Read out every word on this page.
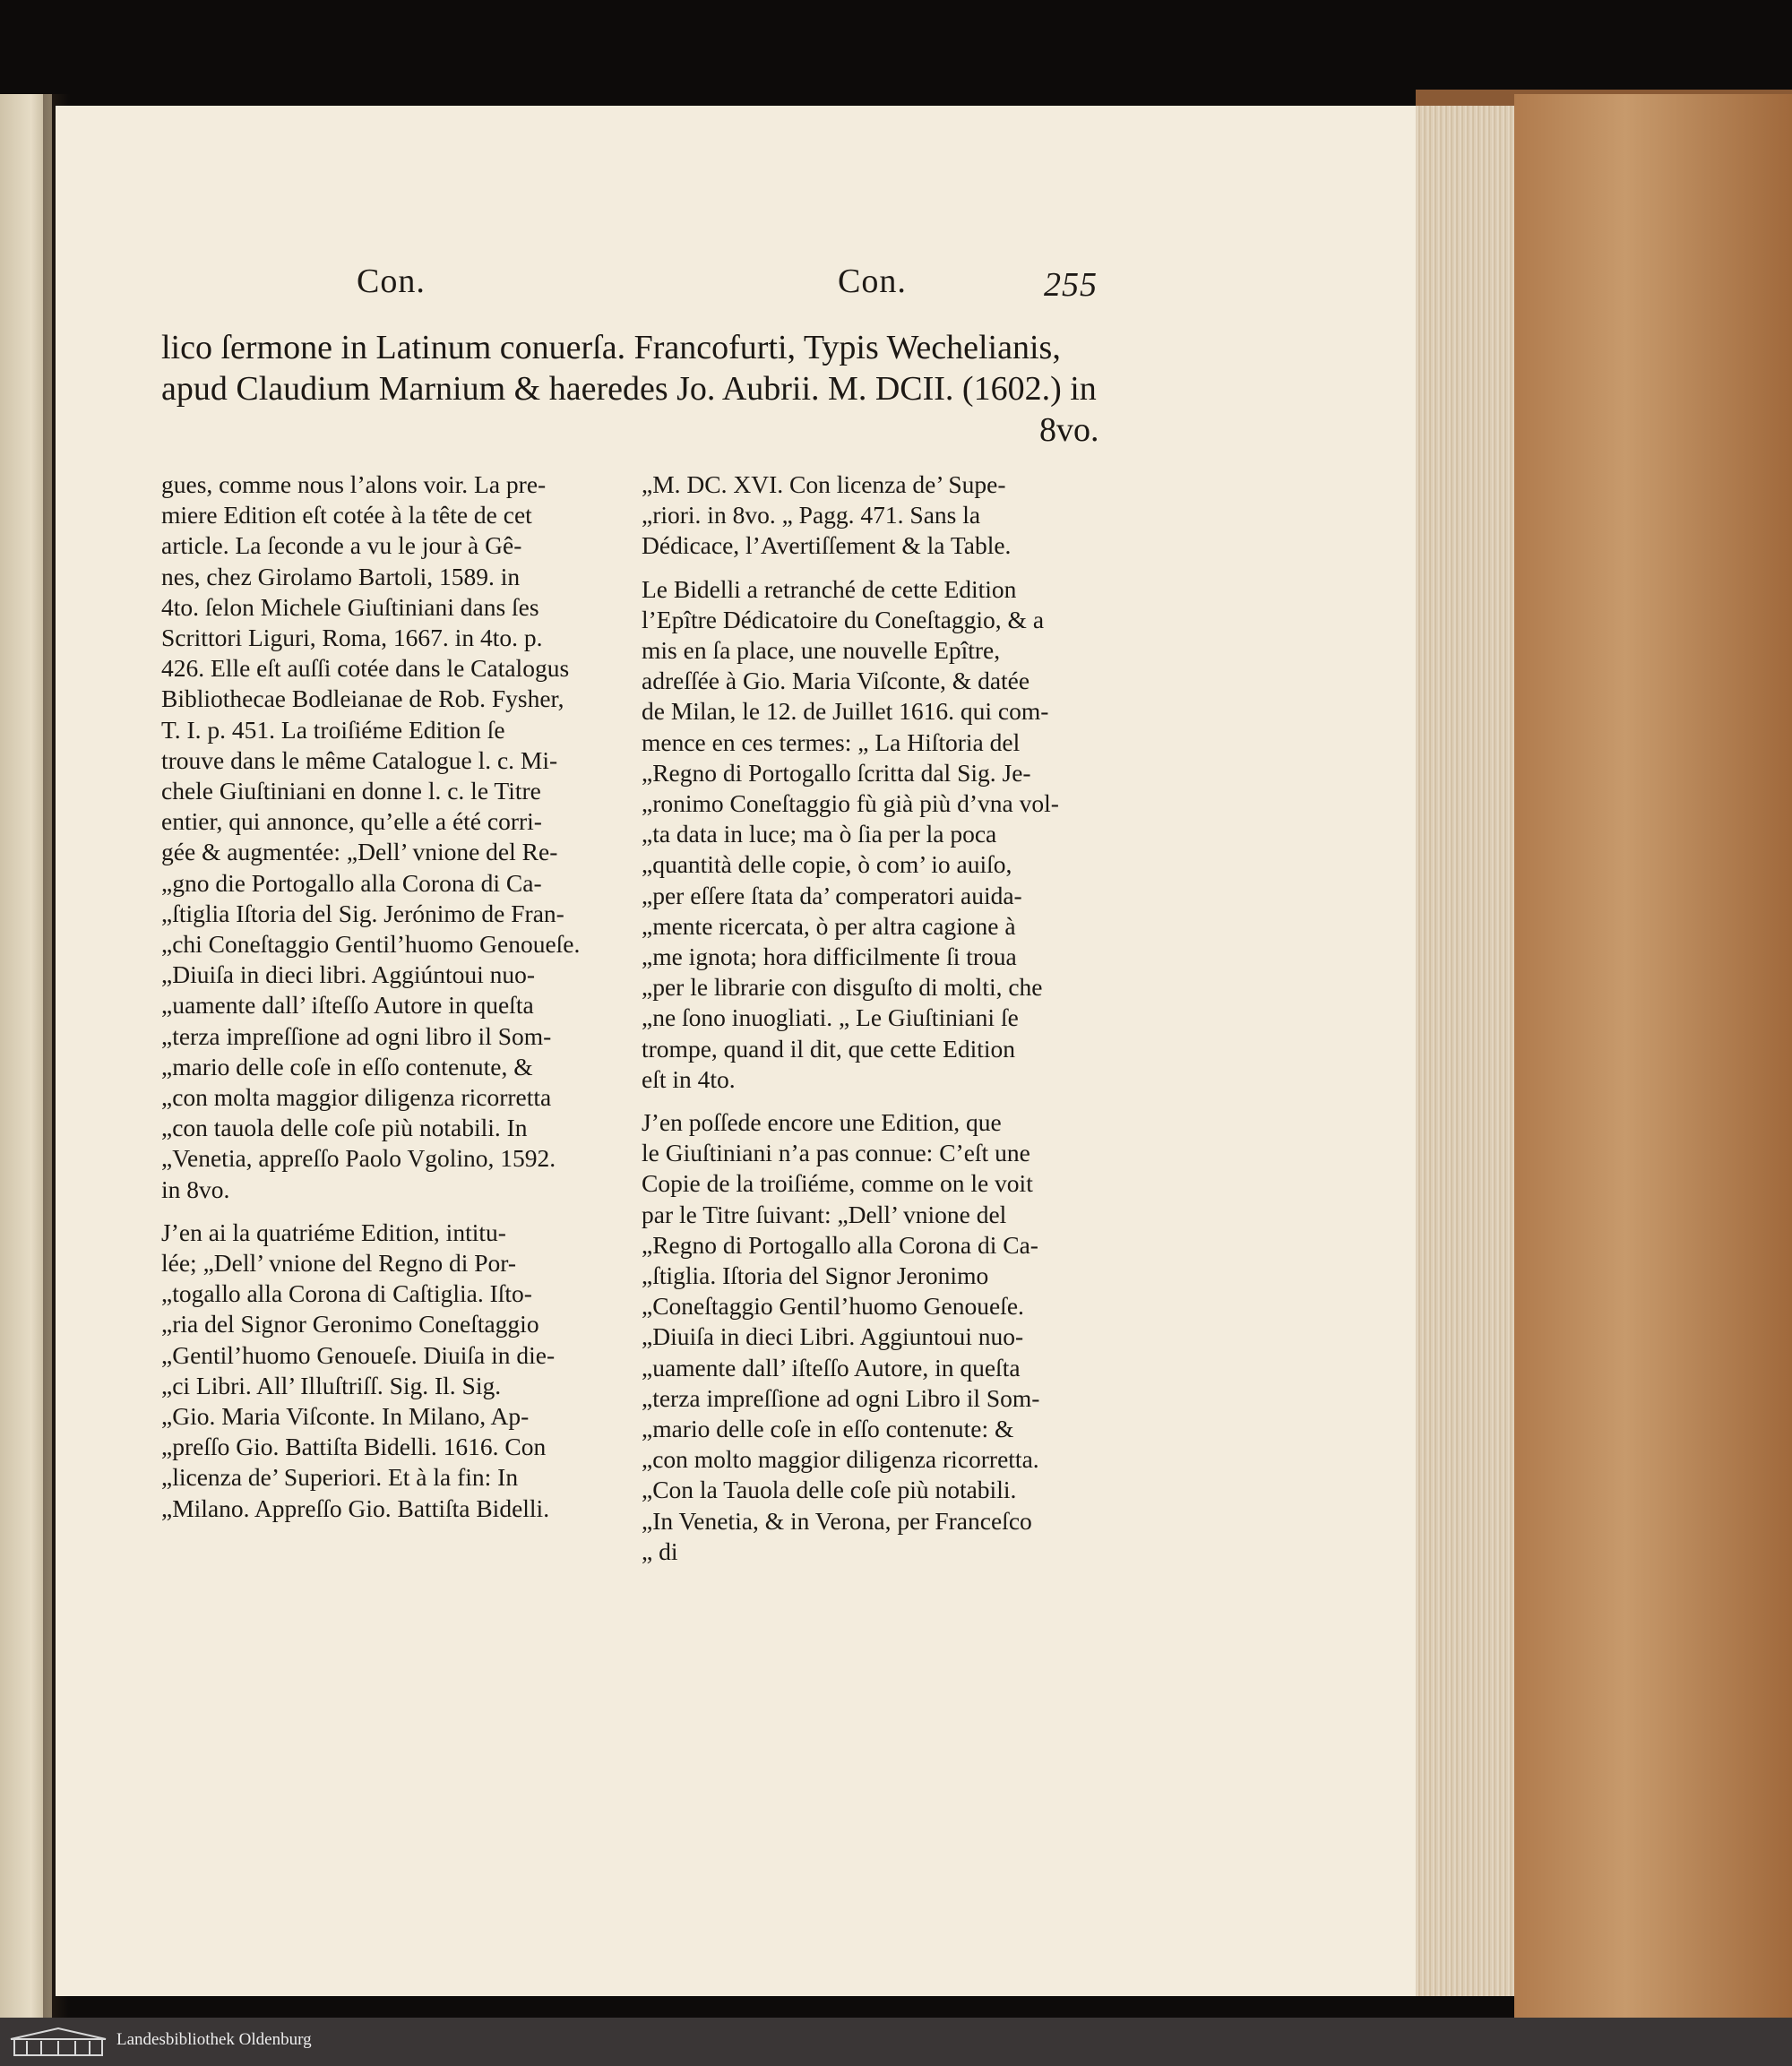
Con.	Con.	255
lico ſermone in Latinum conuerſa. Francofurti, Typis Wechelianis,
apud Claudium Marnium & haeredes Jo. Aubrii. M. DCII. (1602.) in
8vo.
gues, comme nous l’alons voir. La pre-
miere Edition eſt cotée à la tête de cet
article. La ſeconde a vu le jour à Gê-
nes, chez Girolamo Bartoli, 1589. in
4to. ſelon Michele Giuſtiniani dans ſes
Scrittori Liguri, Roma, 1667. in 4to. p.
426. Elle eſt auſſi cotée dans le Catalogus
Bibliothecae Bodleianae de Rob. Fysher,
T. I. p. 451. La troiſiéme Edition ſe
trouve dans le même Catalogue l. c. Mi-
chele Giuſtiniani en donne l. c. le Titre
entier, qui annonce, qu’elle a été corri-
gée & augmentée: „Dell’ vnione del Re-
„gno die Portogallo alla Corona di Ca-
„ſtiglia Iſtoria del Sig. Jerónimo de Fran-
„chi Coneſtaggio Gentil’huomo Genoueſe.
„Diuiſa in dieci libri. Aggiúntoui nuo-
„uamente dall’ iſteſſo Autore in queſta
„terza impreſſione ad ogni libro il Som-
„mario delle coſe in eſſo contenute, &
„con molta maggior diligenza ricorretta
„con tauola delle coſe più notabili. In
„Venetia, appreſſo Paolo Vgolino, 1592.
in 8vo.
J’en ai la quatriéme Edition, intitu-
lée; „Dell’ vnione del Regno di Por-
„togallo alla Corona di Caſtiglia. Iſto-
„ria del Signor Geronimo Coneſtaggio
„Gentil’huomo Genoueſe. Diuiſa in die-
„ci Libri. All’ Illuſtriſſ. Sig. Il. Sig.
„Gio. Maria Viſconte. In Milano, Ap-
„preſſo Gio. Battiſta Bidelli. 1616. Con
„licenza de’ Superiori. Et à la fin: In
„Milano. Appreſſo Gio. Battiſta Bidelli.
„M. DC. XVI. Con licenza de’ Supe-
„riori. in 8vo. „ Pagg. 471. Sans la
Dédicace, l’Avertiſſement & la Table.
Le Bidelli a retranché de cette Edition
l’Epître Dédicatoire du Coneſtaggio, & a
mis en ſa place, une nouvelle Epître,
adreſſée à Gio. Maria Viſconte, & datée
de Milan, le 12. de Juillet 1616. qui com-
mence en ces termes: „ La Hiſtoria del
„Regno di Portogallo ſcritta dal Sig. Je-
„ronimo Coneſtaggio fù già più d’vna vol-
„ta data in luce; ma ò ſia per la poca
„quantità delle copie, ò com’ io auiſo,
„per eſſere ſtata da’ comperatori auida-
„mente ricercata, ò per altra cagione à
„me ignota; hora difficilmente ſi troua
„per le librarie con disguſto di molti, che
„ne ſono inuogliati. „ Le Giuſtiniani ſe
trompe, quand il dit, que cette Edition
eſt in 4to.
J’en poſſede encore une Edition, que
le Giuſtiniani n’a pas connue: C’eſt une
Copie de la troiſiéme, comme on le voit
par le Titre ſuivant: „Dell’ vnione del
„Regno di Portogallo alla Corona di Ca-
„ſtiglia. Iſtoria del Signor Jeronimo
„Coneſtaggio Gentil’huomo Genoueſe.
„Diuiſa in dieci Libri. Aggiuntoui nuo-
„uamente dall’ iſteſſo Autore, in queſta
„terza impreſſione ad ogni Libro il Som-
„mario delle coſe in eſſo contenute: &
„con molto maggior diligenza ricorretta.
„Con la Tauola delle coſe più notabili.
„In Venetia, & in Verona, per Franceſco
„ di
Landesbibliothek Oldenburg
